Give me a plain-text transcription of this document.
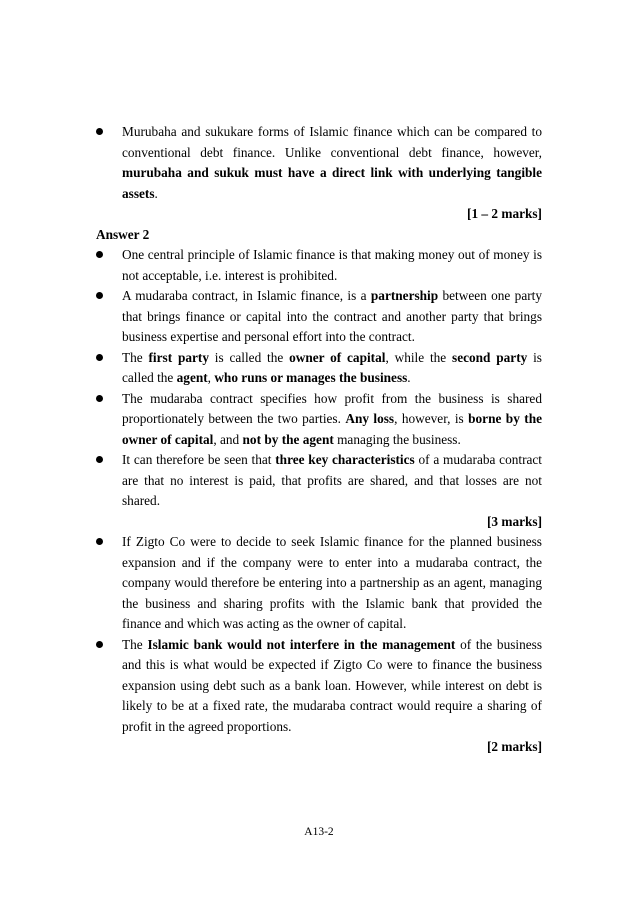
Murubaha and sukukare forms of Islamic finance which can be compared to conventional debt finance. Unlike conventional debt finance, however, murubaha and sukuk must have a direct link with underlying tangible assets.
[1 – 2 marks]
Answer 2
One central principle of Islamic finance is that making money out of money is not acceptable, i.e. interest is prohibited.
A mudaraba contract, in Islamic finance, is a partnership between one party that brings finance or capital into the contract and another party that brings business expertise and personal effort into the contract.
The first party is called the owner of capital, while the second party is called the agent, who runs or manages the business.
The mudaraba contract specifies how profit from the business is shared proportionately between the two parties. Any loss, however, is borne by the owner of capital, and not by the agent managing the business.
It can therefore be seen that three key characteristics of a mudaraba contract are that no interest is paid, that profits are shared, and that losses are not shared.
[3 marks]
If Zigto Co were to decide to seek Islamic finance for the planned business expansion and if the company were to enter into a mudaraba contract, the company would therefore be entering into a partnership as an agent, managing the business and sharing profits with the Islamic bank that provided the finance and which was acting as the owner of capital.
The Islamic bank would not interfere in the management of the business and this is what would be expected if Zigto Co were to finance the business expansion using debt such as a bank loan. However, while interest on debt is likely to be at a fixed rate, the mudaraba contract would require a sharing of profit in the agreed proportions.
[2 marks]
A13-2
